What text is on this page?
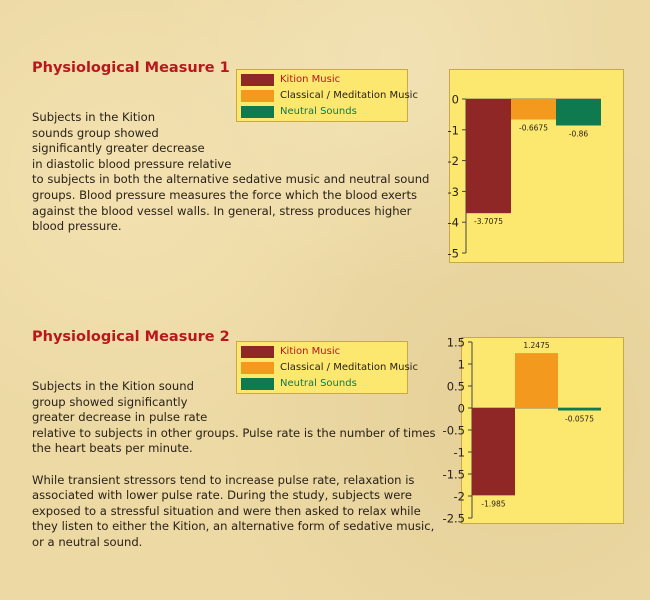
Physiological Measure 1
Kition Music
Classical / Meditation Music
Neutral Sounds

Subjects in the Kition
sounds group showed
significantly greater decrease
in diastolic blood pressure relative
to subjects in both the alternative sedative music and neutral sound
groups. Blood pressure measures the force which the blood exerts
against the blood vessel walls. In general, stress produces higher
blood pressure.

0
-1
-2
-3
-4
-5
-3.7075
-0.6675
-0.86
Physiological Measure 2
Kition Music
Classical / Meditation Music
Neutral Sounds

Subjects in the Kition sound
group showed significantly
greater decrease in pulse rate
relative to subjects in other groups. Pulse rate is the number of times
the heart beats per minute.
While transient stressors tend to increase pulse rate, relaxation is
associated with lower pulse rate. During the study, subjects were
exposed to a stressful situation and were then asked to relax while
they listen to either the Kition, an alternative form of sedative music,
or a neutral sound.

1.5
1
0.5
0
-0.5
-1
-1.5
-2
-2.5
-1.985
1.2475
-0.0575
